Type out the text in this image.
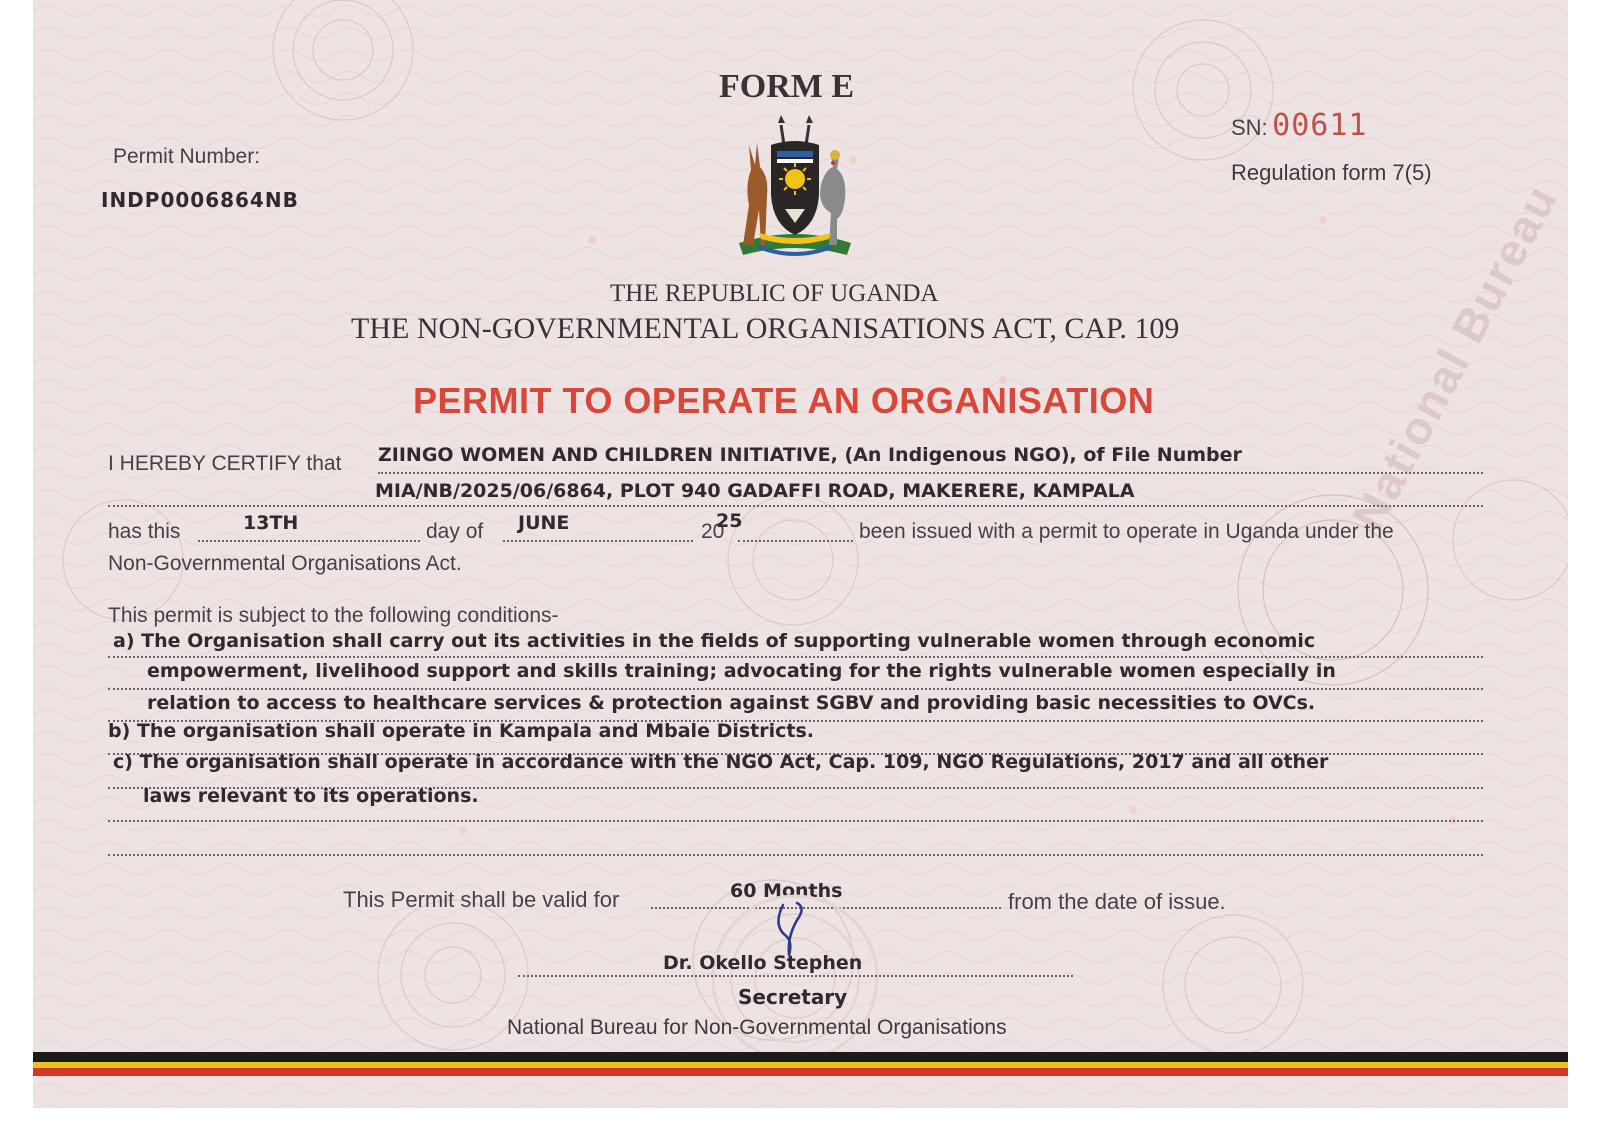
National Bureau
FORM E
Permit Number:
INDP0006864NB
SN: 00611
Regulation form 7(5)
THE REPUBLIC OF UGANDA
THE NON-GOVERNMENTAL ORGANISATIONS ACT, CAP. 109
PERMIT TO OPERATE AN ORGANISATION
I HEREBY CERTIFY that ZIINGO WOMEN AND CHILDREN INITIATIVE, (An Indigenous NGO), of File Number
MIA/NB/2025/06/6864, PLOT 940 GADAFFI ROAD, MAKERERE, KAMPALA
has this	13TH	day of JUNE	20
25	been issued with a permit to operate in Uganda under the
Non-Governmental Organisations Act.
This permit is subject to the following conditions-
a) The Organisation shall carry out its activities in the fields of supporting vulnerable women through economic
empowerment, livelihood support and skills training; advocating for the rights vulnerable women especially in
relation to access to healthcare services & protection against SGBV and providing basic necessities to OVCs.
b) The organisation shall operate in Kampala and Mbale Districts.
c) The organisation shall operate in accordance with the NGO Act, Cap. 109, NGO Regulations, 2017 and all other
laws relevant to its operations.
This Permit shall be valid for	60 Months	from the date of issue.
Dr. Okello Stephen
Secretary
National Bureau for Non-Governmental Organisations
